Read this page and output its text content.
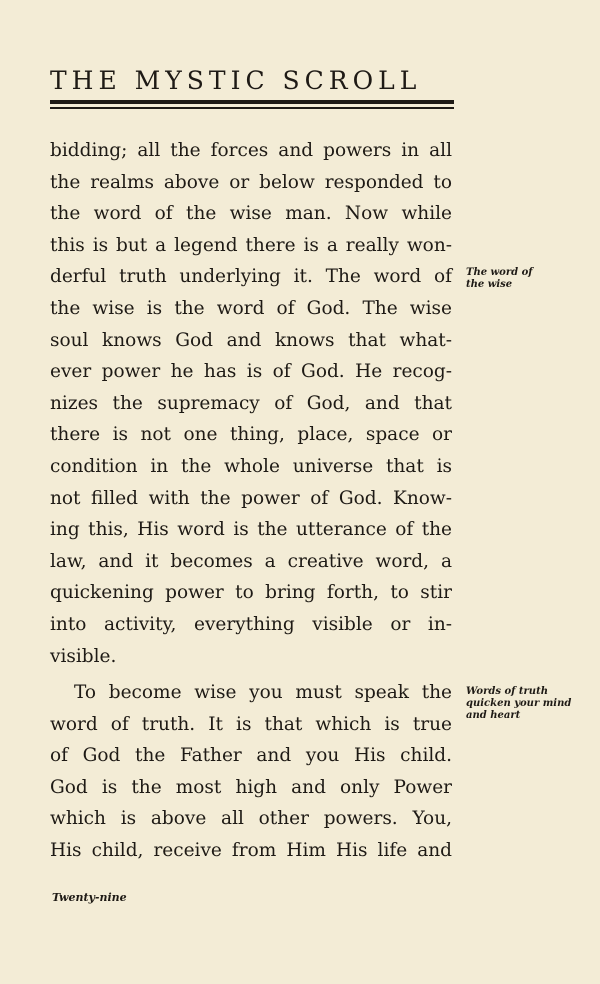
THE MYSTIC SCROLL
bidding; all the forces and powers in all
the realms above or below responded to
the word of the wise man. Now while
this is but a legend there is a really won-
derful truth underlying it. The word of
the wise is the word of God. The wise
soul knows God and knows that what-
ever power he has is of God. He recog-
nizes the supremacy of God, and that
there is not one thing, place, space or
condition in the whole universe that is
not filled with the power of God. Know-
ing this, His word is the utterance of the
law, and it becomes a creative word, a
quickening power to bring forth, to stir
into activity, everything visible or in-
visible.
To become wise you must speak the
word of truth. It is that which is true
of God the Father and you His child.
God is the most high and only Power
which is above all other powers. You,
His child, receive from Him His life and
The word of
the wise
Words of truth
quicken your mind
and heart
Twenty-nine
